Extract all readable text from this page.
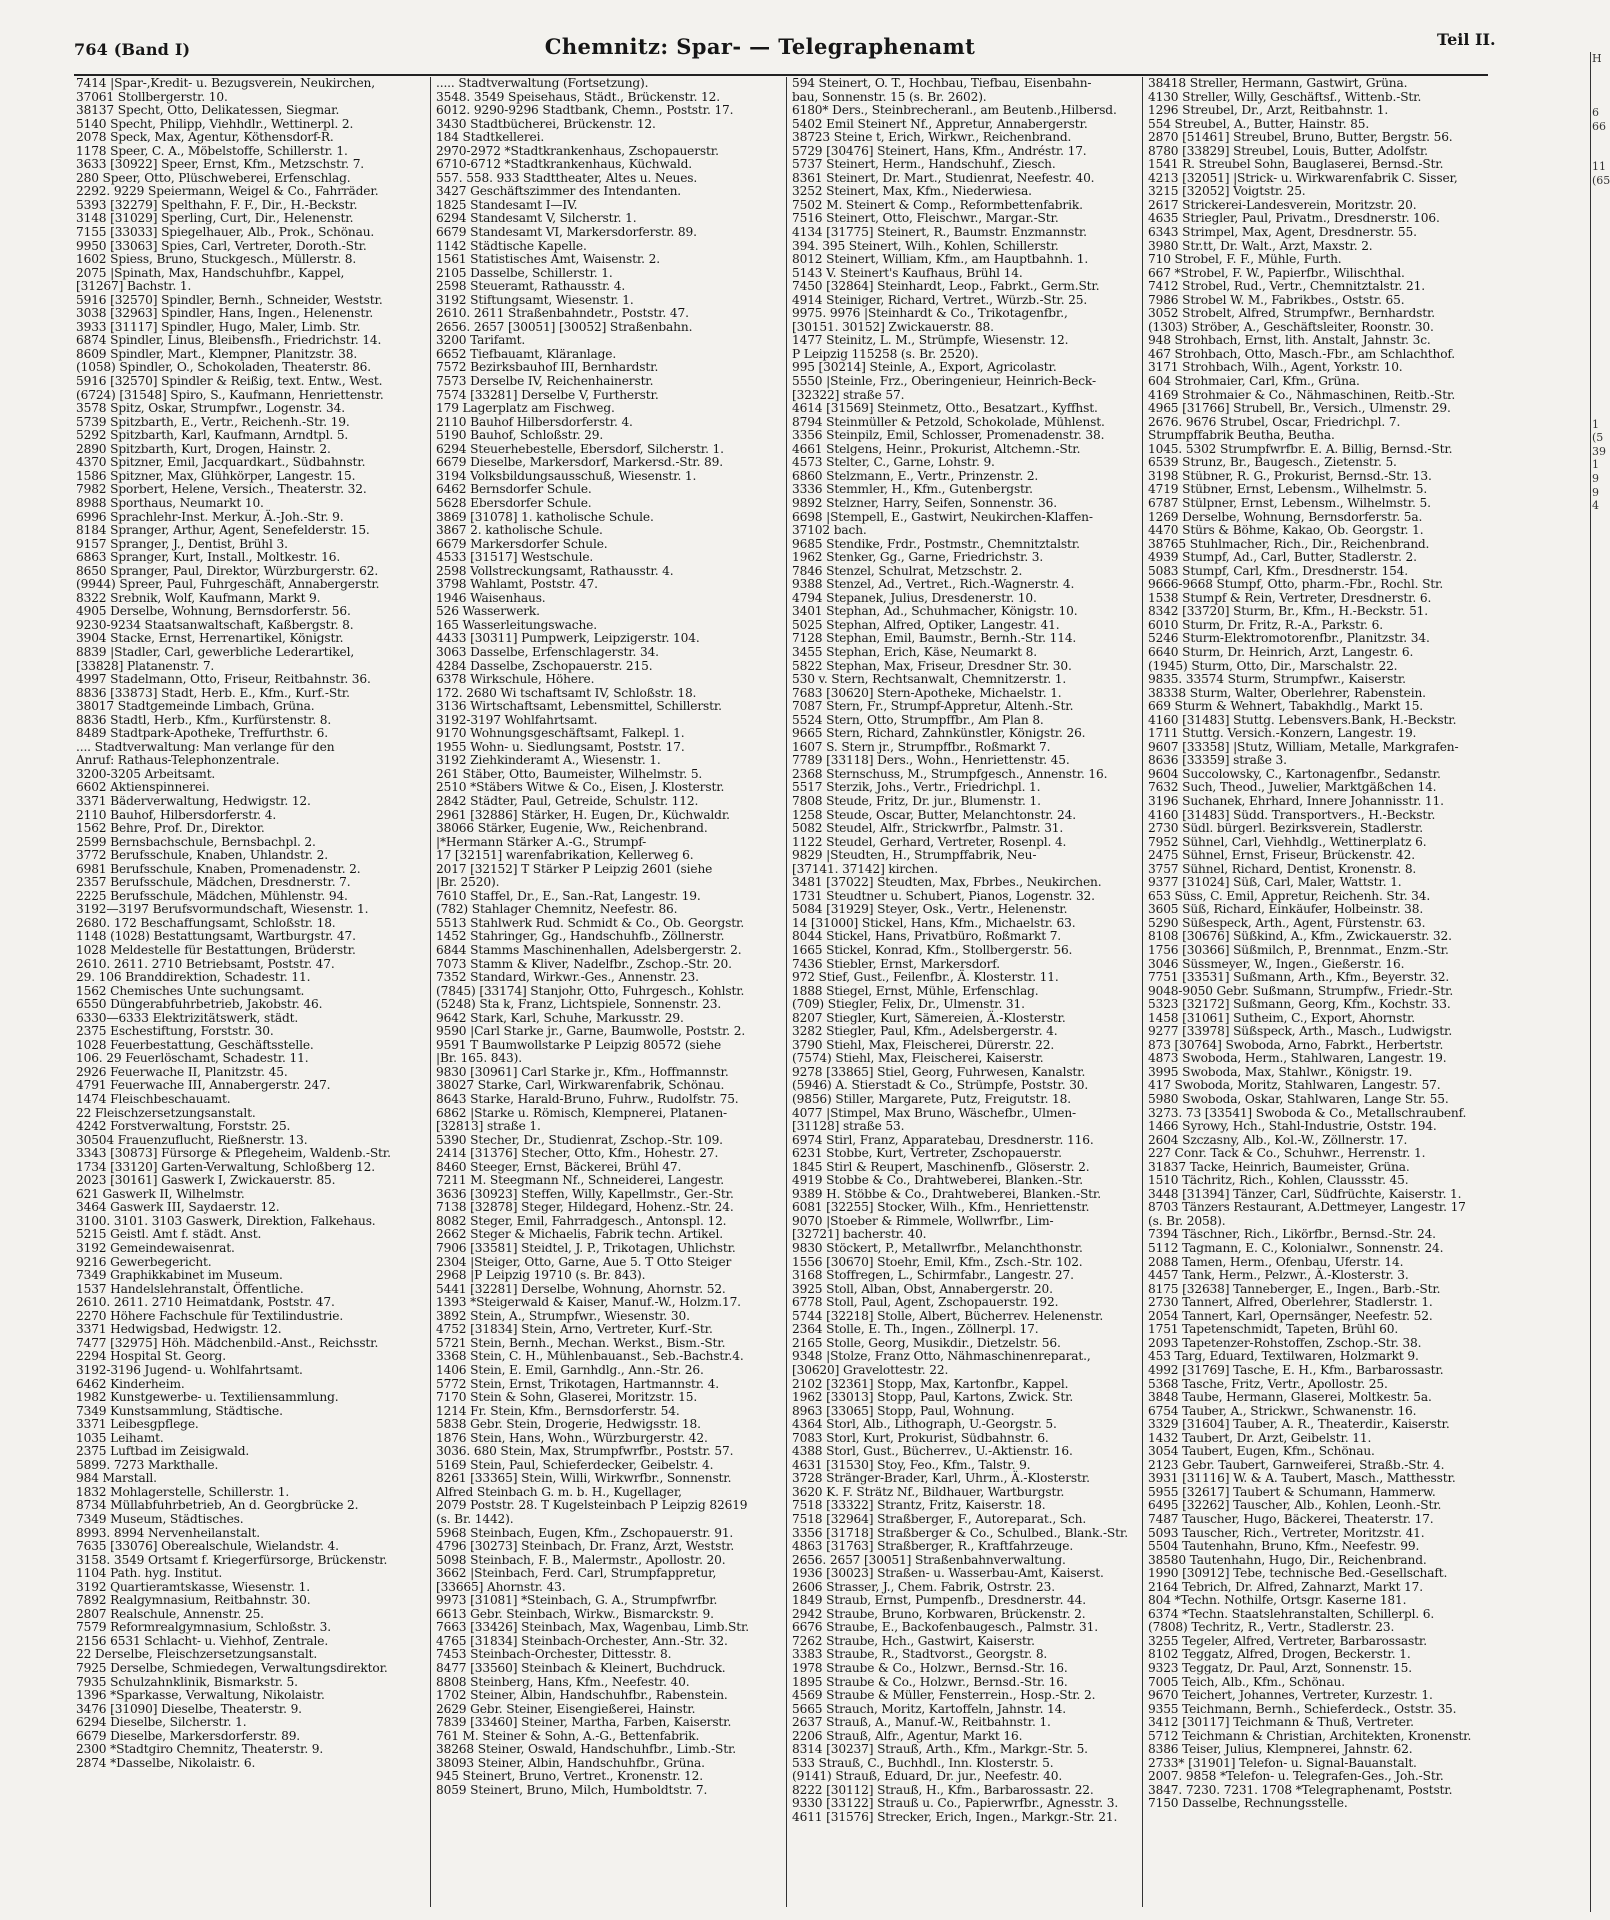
764 (Band I)	Chemnitz: Spar- — Telegraphenamt	Teil II.
7414 |Spar-,Kredit- u. Bezugsverein, Neukirchen,
37061 Stollbergerstr. 10.
38137 Specht, Otto, Delikatessen, Siegmar.
5140 Specht, Philipp, Viehhdlr., Wettinerpl. 2.
2078 Speck, Max, Agentur, Köthensdorf-R.
1178 Speer, C. A., Möbelstoffe, Schillerstr. 1.
3633 [30922] Speer, Ernst, Kfm., Metzschstr. 7.
280 Speer, Otto, Plüschweberei, Erfenschlag.
2292. 9229 Speiermann, Weigel & Co., Fahrräder.
5393 [32279] Spelthahn, F. F., Dir., H.-Beckstr.
3148 [31029] Sperling, Curt, Dir., Helenenstr.
7155 [33033] Spiegelhauer, Alb., Prok., Schönau.
9950 [33063] Spies, Carl, Vertreter, Doroth.-Str.
1602 Spiess, Bruno, Stuckgesch., Müllerstr. 8.
2075 |Spinath, Max, Handschuhfbr., Kappel,
[31267] Bachstr. 1.
5916 [32570] Spindler, Bernh., Schneider, Weststr.
3038 [32963] Spindler, Hans, Ingen., Helenenstr.
3933 [31117] Spindler, Hugo, Maler, Limb. Str.
6874 Spindler, Linus, Bleibensfh., Friedrichstr. 14.
8609 Spindler, Mart., Klempner, Planitzstr. 38.
(1058) Spindler, O., Schokoladen, Theaterstr. 86.
5916 [32570] Spindler & Reißig, text. Entw., West.
(6724) [31548] Spiro, S., Kaufmann, Henriettenstr.
3578 Spitz, Oskar, Strumpfwr., Logenstr. 34.
5739 Spitzbarth, E., Vertr., Reichenh.-Str. 19.
5292 Spitzbarth, Karl, Kaufmann, Arndtpl. 5.
2890 Spitzbarth, Kurt, Drogen, Hainstr. 2.
4370 Spitzner, Emil, Jacquardkart., Südbahnstr.
1586 Spitzner, Max, Glühkörper, Langestr. 15.
7982 Sporbert, Helene, Versich., Theaterstr. 32.
8988 Sporthaus, Neumarkt 10.
6996 Sprachlehr-Inst. Merkur, Ä.-Joh.-Str. 9.
8184 Spranger, Arthur, Agent, Senefelderstr. 15.
9157 Spranger, J., Dentist, Brühl 3.
6863 Spranger, Kurt, Install., Moltkestr. 16.
8650 Spranger, Paul, Direktor, Würzburgerstr. 62.
(9944) Spreer, Paul, Fuhrgeschäft, Annabergerstr.
8322 Srebnik, Wolf, Kaufmann, Markt 9.
4905 Derselbe, Wohnung, Bernsdorferstr. 56.
9230-9234 Staatsanwaltschaft, Kaßbergstr. 8.
3904 Stacke, Ernst, Herrenartikel, Königstr.
8839 |Stadler, Carl, gewerbliche Lederartikel,
[33828] Platanenstr. 7.
4997 Stadelmann, Otto, Friseur, Reitbahnstr. 36.
8836 [33873] Stadt, Herb. E., Kfm., Kurf.-Str.
38017 Stadtgemeinde Limbach, Grüna.
8836 Stadtl, Herb., Kfm., Kurfürstenstr. 8.
8489 Stadtpark-Apotheke, Treffurthstr. 6.
.... Stadtverwaltung: Man verlange für den
Anruf: Rathaus-Telephonzentrale.
3200-3205 Arbeitsamt.
6602 Aktienspinnerei.
3371 Bäderverwaltung, Hedwigstr. 12.
2110 Bauhof, Hilbersdorferstr. 4.
1562 Behre, Prof. Dr., Direktor.
2599 Bernsbachschule, Bernsbachpl. 2.
3772 Berufsschule, Knaben, Uhlandstr. 2.
6981 Berufsschule, Knaben, Promenadenstr. 2.
2357 Berufsschule, Mädchen, Dresdnerstr. 7.
2225 Berufsschule, Mädchen, Mühlenstr. 94.
3192—3197 Berufsvormundschaft, Wiesenstr. 1.
2680. 172 Beschaffungsamt, Schloßstr. 18.
1148 (1028) Bestattungsamt, Wartburgstr. 47.
1028 Meldestelle für Bestattungen, Brüderstr.
2610. 2611. 2710 Betriebsamt, Poststr. 47.
29. 106 Branddirektion, Schadestr. 11.
1562 Chemisches Unte suchungsamt.
6550 Düngerabfuhrbetrieb, Jakobstr. 46.
6330—6333 Elektrizitätswerk, städt.
2375 Eschestiftung, Forststr. 30.
1028 Feuerbestattung, Geschäftsstelle.
106. 29 Feuerlöschamt, Schadestr. 11.
2926 Feuerwache II, Planitzstr. 45.
4791 Feuerwache III, Annabergerstr. 247.
1474 Fleischbeschauamt.
22 Fleischzersetzungsanstalt.
4242 Forstverwaltung, Forststr. 25.
30504 Frauenzuflucht, Rießnerstr. 13.
3343 [30873] Fürsorge & Pflegeheim, Waldenb.-Str.
1734 [33120] Garten-Verwaltung, Schloßberg 12.
2023 [30161] Gaswerk I, Zwickauerstr. 85.
621 Gaswerk II, Wilhelmstr.
3464 Gaswerk III, Saydaerstr. 12.
3100. 3101. 3103 Gaswerk, Direktion, Falkehaus.
5215 Geistl. Amt f. städt. Anst.
3192 Gemeindewaisenrat.
9216 Gewerbegericht.
7349 Graphikkabinet im Museum.
1537 Handelslehranstalt, Öffentliche.
2610. 2611. 2710 Heimatdank, Poststr. 47.
2270 Höhere Fachschule für Textilindustrie.
3371 Hedwigsbad, Hedwigstr. 12.
7477 [32975] Höh. Mädchenbild.-Anst., Reichsstr.
2294 Hospital St. Georg.
3192-3196 Jugend- u. Wohlfahrtsamt.
6462 Kinderheim.
1982 Kunstgewerbe- u. Textiliensammlung.
7349 Kunstsammlung, Städtische.
3371 Leibesgpflege.
1035 Leihamt.
2375 Luftbad im Zeisigwald.
5899. 7273 Markthalle.
984 Marstall.
1832 Mohlagerstelle, Schillerstr. 1.
8734 Müllabfuhrbetrieb, An d. Georgbrücke 2.
7349 Museum, Städtisches.
8993. 8994 Nervenheilanstalt.
7635 [33076] Oberealschule, Wielandstr. 4.
3158. 3549 Ortsamt f. Kriegerfürsorge, Brückenstr.
1104 Path. hyg. Institut.
3192 Quartieramtskasse, Wiesenstr. 1.
7892 Realgymnasium, Reitbahnstr. 30.
2807 Realschule, Annenstr. 25.
7579 Reformrealgymnasium, Schloßstr. 3.
2156 6531 Schlacht- u. Viehhof, Zentrale.
22 Derselbe, Fleischzersetzungsanstalt.
7925 Derselbe, Schmiedegen, Verwaltungsdirektor.
7935 Schulzahnklinik, Bismarkstr. 5.
1396 *Sparkasse, Verwaltung, Nikolaistr.
3476 [31090] Dieselbe, Theaterstr. 9.
6294 Dieselbe, Silcherstr. 1.
6679 Dieselbe, Markersdorferstr. 89.
2300 *Stadtgiro Chemnitz, Theaterstr. 9.
2874 *Dasselbe, Nikolaistr. 6.
..... Stadtverwaltung (Fortsetzung).
3548. 3549 Speisehaus, Städt., Brückenstr. 12.
6012. 9290-9296 Stadtbank, Chemn., Poststr. 17.
3430 Stadtbücherei, Brückenstr. 12.
184 Stadtkellerei.
2970-2972 *Stadtkrankenhaus, Zschopauerstr.
6710-6712 *Stadtkrankenhaus, Küchwald.
557. 558. 933 Stadttheater, Altes u. Neues.
3427 Geschäftszimmer des Intendanten.
1825 Standesamt I—IV.
6294 Standesamt V, Silcherstr. 1.
6679 Standesamt VI, Markersdorferstr. 89.
1142 Städtische Kapelle.
1561 Statistisches Amt, Waisenstr. 2.
2105 Dasselbe, Schillerstr. 1.
2598 Steueramt, Rathausstr. 4.
3192 Stiftungsamt, Wiesenstr. 1.
2610. 2611 Straßenbahndetr., Poststr. 47.
2656. 2657 [30051] [30052] Straßenbahn.
3200 Tarifamt.
6652 Tiefbauamt, Kläranlage.
7572 Bezirksbauhof III, Bernhardstr.
7573 Derselbe IV, Reichenhainerstr.
7574 [33281] Derselbe V, Furtherstr.
179 Lagerplatz am Fischweg.
2110 Bauhof Hilbersdorferstr. 4.
5190 Bauhof, Schloßstr. 29.
6294 Steuerhebestelle, Ebersdorf, Silcherstr. 1.
6679 Dieselbe, Markersdorf, Markersd.-Str. 89.
3194 Volksbildungsausschuß, Wiesenstr. 1.
6462 Bernsdorfer Schule.
5628 Ebersdorfer Schule.
3869 [31078] 1. katholische Schule.
3867 2. katholische Schule.
6679 Markersdorfer Schule.
4533 [31517] Westschule.
2598 Vollstreckungsamt, Rathausstr. 4.
3798 Wahlamt, Poststr. 47.
1946 Waisenhaus.
526 Wasserwerk.
165 Wasserleitungswache.
4433 [30311] Pumpwerk, Leipzigerstr. 104.
3063 Dasselbe, Erfenschlagerstr. 34.
4284 Dasselbe, Zschopauerstr. 215.
6378 Wirkschule, Höhere.
172. 2680 Wi tschaftsamt IV, Schloßstr. 18.
3136 Wirtschaftsamt, Lebensmittel, Schillerstr.
3192-3197 Wohlfahrtsamt.
9170 Wohnungsgeschäftsamt, Falkepl. 1.
1955 Wohn- u. Siedlungsamt, Poststr. 17.
3192 Ziehkinderamt A., Wiesenstr. 1.
261 Stäber, Otto, Baumeister, Wilhelmstr. 5.
2510 *Stäbers Witwe & Co., Eisen, J. Klosterstr.
2842 Städter, Paul, Getreide, Schulstr. 112.
2961 [32886] Stärker, H. Eugen, Dr., Küchwaldr.
38066 Stärker, Eugenie, Ww., Reichenbrand.
|*Hermann Stärker A.-G., Strumpf-
17 [32151] warenfabrikation, Kellerweg 6.
2017 [32152] T Stärker P Leipzig 2601 (siehe
|Br. 2520).
7610 Staffel, Dr., E., San.-Rat, Langestr. 19.
(782) Stahlager Chemnitz, Neefestr. 86.
5513 Stahlwerk Rud. Schmidt & Co., Ob. Georgstr.
1452 Stahringer, Gg., Handschuhfb., Zöllnerstr.
6844 Stamms Maschinenhallen, Adelsbergerstr. 2.
7073 Stamm & Kliver, Nadelfbr., Zschop.-Str. 20.
7352 Standard, Wirkwr.-Ges., Annenstr. 23.
(7845) [33174] Stanjohr, Otto, Fuhrgesch., Kohlstr.
(5248) Sta k, Franz, Lichtspiele, Sonnenstr. 23.
9642 Stark, Karl, Schuhe, Markusstr. 29.
9590 |Carl Starke jr., Garne, Baumwolle, Poststr. 2.
9591 T Baumwollstarke P Leipzig 80572 (siehe
|Br. 165. 843).
9830 [30961] Carl Starke jr., Kfm., Hoffmannstr.
38027 Starke, Carl, Wirkwarenfabrik, Schönau.
8643 Starke, Harald-Bruno, Fuhrw., Rudolfstr. 75.
6862 |Starke u. Römisch, Klempnerei, Platanen-
[32813] straße 1.
5390 Stecher, Dr., Studienrat, Zschop.-Str. 109.
2414 [31376] Stecher, Otto, Kfm., Hohestr. 27.
8460 Steeger, Ernst, Bäckerei, Brühl 47.
7211 M. Steegmann Nf., Schneiderei, Langestr.
3636 [30923] Steffen, Willy, Kapellmstr., Ger.-Str.
7138 [32878] Steger, Hildegard, Hohenz.-Str. 24.
8082 Steger, Emil, Fahrradgesch., Antonspl. 12.
2662 Steger & Michaelis, Fabrik techn. Artikel.
7906 [33581] Steidtel, J. P., Trikotagen, Uhlichstr.
2304 |Steiger, Otto, Garne, Aue 5. T Otto Steiger
2968 |P Leipzig 19710 (s. Br. 843).
5441 [32281] Derselbe, Wohnung, Ahornstr. 52.
1393 *Steigerwald & Kaiser, Manuf.-W., Holzm.17.
3892 Stein, A., Strumpfwr., Wiesenstr. 30.
4752 [31834] Stein, Arno, Vertreter, Kurf.-Str.
5721 Stein, Bernh., Mechan. Werkst., Bism.-Str.
3368 Stein, C. H., Mühlenbauanst., Seb.-Bachstr.4.
1406 Stein, E. Emil, Garnhdlg., Ann.-Str. 26.
5772 Stein, Ernst, Trikotagen, Hartmannstr. 4.
7170 Stein & Sohn, Glaserei, Moritzstr. 15.
1214 Fr. Stein, Kfm., Bernsdorferstr. 54.
5838 Gebr. Stein, Drogerie, Hedwigsstr. 18.
1876 Stein, Hans, Wohn., Würzburgerstr. 42.
3036. 680 Stein, Max, Strumpfwrfbr., Poststr. 57.
5169 Stein, Paul, Schieferdecker, Geibelstr. 4.
8261 [33365] Stein, Willi, Wirkwrfbr., Sonnenstr.
Alfred Steinbach G. m. b. H., Kugellager,
2079 Poststr. 28. T Kugelsteinbach P Leipzig 82619
(s. Br. 1442).
5968 Steinbach, Eugen, Kfm., Zschopauerstr. 91.
4796 [30273] Steinbach, Dr. Franz, Arzt, Weststr.
5098 Steinbach, F. B., Malermstr., Apollostr. 20.
3662 |Steinbach, Ferd. Carl, Strumpfappretur,
[33665] Ahornstr. 43.
9973 [31081] *Steinbach, G. A., Strumpfwrfbr.
6613 Gebr. Steinbach, Wirkw., Bismarckstr. 9.
7663 [33426] Steinbach, Max, Wagenbau, Limb.Str.
4765 [31834] Steinbach-Orchester, Ann.-Str. 32.
7453 Steinbach-Orchester, Dittesstr. 8.
8477 [33560] Steinbach & Kleinert, Buchdruck.
8808 Steinberg, Hans, Kfm., Neefestr. 40.
1702 Steiner, Albin, Handschuhfbr., Rabenstein.
2629 Gebr. Steiner, Eisengießerei, Hainstr.
7839 [33460] Steiner, Martha, Farben, Kaiserstr.
761 M. Steiner & Sohn, A.-G., Bettenfabrik.
38268 Steiner, Oswald, Handschuhfbr., Limb.-Str.
38093 Steiner, Albin, Handschuhfbr., Grüna.
945 Steinert, Bruno, Vertret., Kronenstr. 12.
8059 Steinert, Bruno, Milch, Humboldtstr. 7.
594 Steinert, O. T., Hochbau, Tiefbau, Eisenbahn-
bau, Sonnenstr. 15 (s. Br. 2602).
6180* Ders., Steinbrecheranl., am Beutenb.,Hilbersd.
5402 Emil Steinert Nf., Appretur, Annabergerstr.
38723 Steine t, Erich, Wirkwr., Reichenbrand.
5729 [30476] Steinert, Hans, Kfm., Andréstr. 17.
5737 Steinert, Herm., Handschuhf., Ziesch.
8361 Steinert, Dr. Mart., Studienrat, Neefestr. 40.
3252 Steinert, Max, Kfm., Niederwiesa.
7502 M. Steinert & Comp., Reformbettenfabrik.
7516 Steinert, Otto, Fleischwr., Margar.-Str.
4134 [31775] Steinert, R., Baumstr. Enzmannstr.
394. 395 Steinert, Wilh., Kohlen, Schillerstr.
8012 Steinert, William, Kfm., am Hauptbahnh. 1.
5143 V. Steinert's Kaufhaus, Brühl 14.
7450 [32864] Steinhardt, Leop., Fabrkt., Germ.Str.
4914 Steiniger, Richard, Vertret., Würzb.-Str. 25.
9975. 9976 |Steinhardt & Co., Trikotagenfbr.,
[30151. 30152] Zwickauerstr. 88.
1477 Steinitz, L. M., Strümpfe, Wiesenstr. 12.
P Leipzig 115258 (s. Br. 2520).
995 [30214] Steinle, A., Export, Agricolastr.
5550 |Steinle, Frz., Oberingenieur, Heinrich-Beck-
[32322] straße 57.
4614 [31569] Steinmetz, Otto., Besatzart., Kyffhst.
8794 Steinmüller & Petzold, Schokolade, Mühlenst.
3356 Steinpilz, Emil, Schlosser, Promenadenstr. 38.
4661 Stelgens, Heinr., Prokurist, Altchemn.-Str.
4573 Stelter, C., Garne, Lohstr. 9.
6860 Stelzmann, E., Vertr., Prinzenstr. 2.
3336 Stemmler, H., Kfm., Gutenbergstr.
9892 Stelzner, Harry, Seifen, Sonnenstr. 36.
6698 |Stempell, E., Gastwirt, Neukirchen-Klaffen-
37102 bach.
9685 Stendike, Frdr., Postmstr., Chemnitztalstr.
1962 Stenker, Gg., Garne, Friedrichstr. 3.
7846 Stenzel, Schulrat, Metzschstr. 2.
9388 Stenzel, Ad., Vertret., Rich.-Wagnerstr. 4.
4794 Stepanek, Julius, Dresdenerstr. 10.
3401 Stephan, Ad., Schuhmacher, Königstr. 10.
5025 Stephan, Alfred, Optiker, Langestr. 41.
7128 Stephan, Emil, Baumstr., Bernh.-Str. 114.
3455 Stephan, Erich, Käse, Neumarkt 8.
5822 Stephan, Max, Friseur, Dresdner Str. 30.
530 v. Stern, Rechtsanwalt, Chemnitzerstr. 1.
7683 [30620] Stern-Apotheke, Michaelstr. 1.
7087 Stern, Fr., Strumpf-Appretur, Altenh.-Str.
5524 Stern, Otto, Strumpffbr., Am Plan 8.
9665 Stern, Richard, Zahnkünstler, Königstr. 26.
1607 S. Stern jr., Strumpffbr., Roßmarkt 7.
7789 [33118] Ders., Wohn., Henriettenstr. 45.
2368 Sternschuss, M., Strumpfgesch., Annenstr. 16.
5517 Sterzik, Johs., Vertr., Friedrichpl. 1.
7808 Steude, Fritz, Dr. jur., Blumenstr. 1.
1258 Steude, Oscar, Butter, Melanchtonstr. 24.
5082 Steudel, Alfr., Strickwrfbr., Palmstr. 31.
1122 Steudel, Gerhard, Vertreter, Rosenpl. 4.
9829 |Steudten, H., Strumpffabrik, Neu-
[37141. 37142] kirchen.
3481 [37022] Steudten, Max, Fbrbes., Neukirchen.
1731 Steudtner u. Schubert, Pianos, Logenstr. 32.
5084 [31929] Steyer, Osk., Vertr., Helenenstr.
14 [31000] Stickel, Hans, Kfm., Michaelstr. 63.
8044 Stickel, Hans, Privatbüro, Roßmarkt 7.
1665 Stickel, Konrad, Kfm., Stollbergerstr. 56.
7436 Stiebler, Ernst, Markersdorf.
972 Stief, Gust., Feilenfbr., Ä. Klosterstr. 11.
1888 Stiegel, Ernst, Mühle, Erfenschlag.
(709) Stiegler, Felix, Dr., Ulmenstr. 31.
8207 Stiegler, Kurt, Sämereien, Ä.-Klosterstr.
3282 Stiegler, Paul, Kfm., Adelsbergerstr. 4.
3790 Stiehl, Max, Fleischerei, Dürerstr. 22.
(7574) Stiehl, Max, Fleischerei, Kaiserstr.
9278 [33865] Stiel, Georg, Fuhrwesen, Kanalstr.
(5946) A. Stierstadt & Co., Strümpfe, Poststr. 30.
(9856) Stiller, Margarete, Putz, Freigutstr. 18.
4077 |Stimpel, Max Bruno, Wäschefbr., Ulmen-
[31128] straße 53.
6974 Stirl, Franz, Apparatebau, Dresdnerstr. 116.
6231 Stobbe, Kurt, Vertreter, Zschopauerstr.
1845 Stirl & Reupert, Maschinenfb., Glöserstr. 2.
4919 Stobbe & Co., Drahtweberei, Blanken.-Str.
9389 H. Stöbbe & Co., Drahtweberei, Blanken.-Str.
6081 [32255] Stocker, Wilh., Kfm., Henriettenstr.
9070 |Stoeber & Rimmele, Wollwrfbr., Lim-
[32721] bacherstr. 40.
9830 Stöckert, P., Metallwrfbr., Melanchthonstr.
1556 [30670] Stoehr, Emil, Kfm., Zsch.-Str. 102.
3168 Stoffregen, L., Schirmfabr., Langestr. 27.
3925 Stoll, Alban, Obst, Annabergerstr. 20.
6778 Stoll, Paul, Agent, Zschopauerstr. 192.
5744 [32218] Stolle, Albert, Bücherrev. Helenenstr.
2364 Stolle, E. Th., Ingen., Zöllnerpl. 17.
2165 Stolle, Georg, Musikdir., Dietzelstr. 56.
9348 |Stolze, Franz Otto, Nähmaschinenreparat.,
[30620] Gravelottestr. 22.
2102 [32361] Stopp, Max, Kartonfbr., Kappel.
1962 [33013] Stopp, Paul, Kartons, Zwick. Str.
8963 [33065] Stopp, Paul, Wohnung.
4364 Storl, Alb., Lithograph, U.-Georgstr. 5.
7083 Storl, Kurt, Prokurist, Südbahnstr. 6.
4388 Storl, Gust., Bücherrev., U.-Aktienstr. 16.
4631 [31530] Stoy, Feo., Kfm., Talstr. 9.
3728 Stränger-Brader, Karl, Uhrm., Ä.-Klosterstr.
3620 K. F. Strätz Nf., Bildhauer, Wartburgstr.
7518 [33322] Strantz, Fritz, Kaiserstr. 18.
7518 [32964] Straßberger, F., Autoreparat., Sch.
3356 [31718] Straßberger & Co., Schulbed., Blank.-Str.
4863 [31763] Straßberger, R., Kraftfahrzeuge.
2656. 2657 [30051] Straßenbahnverwaltung.
1936 [30023] Straßen- u. Wasserbau-Amt, Kaiserst.
2606 Strasser, J., Chem. Fabrik, Ostrstr. 23.
1849 Straub, Ernst, Pumpenfb., Dresdnerstr. 44.
2942 Straube, Bruno, Korbwaren, Brückenstr. 2.
6676 Straube, E., Backofenbaugesch., Palmstr. 31.
7262 Straube, Hch., Gastwirt, Kaiserstr.
3383 Straube, R., Stadtvorst., Georgstr. 8.
1978 Straube & Co., Holzwr., Bernsd.-Str. 16.
1895 Straube & Co., Holzwr., Bernsd.-Str. 16.
4569 Straube & Müller, Fensterrein., Hosp.-Str. 2.
5665 Strauch, Moritz, Kartoffeln, Jahnstr. 14.
2637 Strauß, A., Manuf.-W., Reitbahnstr. 1.
2206 Strauß, Alfr., Agentur, Markt 16.
8314 [30237] Strauß, Arth., Kfm., Markgr.-Str. 5.
533 Strauß, C., Buchhdl., Inn. Klosterstr. 5.
(9141) Strauß, Eduard, Dr. jur., Neefestr. 40.
8222 [30112] Strauß, H., Kfm., Barbarossastr. 22.
9330 [33122] Strauß u. Co., Papierwrfbr., Agnesstr. 3.
4611 [31576] Strecker, Erich, Ingen., Markgr.-Str. 21.
38418 Streller, Hermann, Gastwirt, Grüna.
4130 Streller, Willy, Geschäftsf., Wittenb.-Str.
1296 Streubel, Dr., Arzt, Reitbahnstr. 1.
554 Streubel, A., Butter, Hainstr. 85.
2870 [51461] Streubel, Bruno, Butter, Bergstr. 56.
8780 [33829] Streubel, Louis, Butter, Adolfstr.
1541 R. Streubel Sohn, Bauglaserei, Bernsd.-Str.
4213 [32051] |Strick- u. Wirkwarenfabrik C. Sisser,
3215 [32052] Voigtstr. 25.
2617 Strickerei-Landesverein, Moritzstr. 20.
4635 Striegler, Paul, Privatm., Dresdnerstr. 106.
6343 Strimpel, Max, Agent, Dresdnerstr. 55.
3980 Str.tt, Dr. Walt., Arzt, Maxstr. 2.
710 Strobel, F. F., Mühle, Furth.
667 *Strobel, F. W., Papierfbr., Wilischthal.
7412 Strobel, Rud., Vertr., Chemnitztalstr. 21.
7986 Strobel W. M., Fabrikbes., Oststr. 65.
3052 Strobelt, Alfred, Strumpfwr., Bernhardstr.
(1303) Ströber, A., Geschäftsleiter, Roonstr. 30.
948 Strohbach, Ernst, lith. Anstalt, Jahnstr. 3c.
467 Strohbach, Otto, Masch.-Fbr., am Schlachthof.
3171 Strohbach, Wilh., Agent, Yorkstr. 10.
604 Strohmaier, Carl, Kfm., Grüna.
4169 Strohmaier & Co., Nähmaschinen, Reitb.-Str.
4965 [31766] Strubell, Br., Versich., Ulmenstr. 29.
2676. 9676 Strubel, Oscar, Friedrichpl. 7.
Strumpffabrik Beutha, Beutha.
1045. 5302 Strumpfwrfbr. E. A. Billig, Bernsd.-Str.
6539 Strunz, Br., Baugesch., Zietenstr. 5.
3198 Stübner, R. G., Prokurist, Bernsd.-Str. 13.
4719 Stübner, Ernst, Lebensm., Wilhelmstr. 5.
6787 Stülpner, Ernst, Lebensm., Wilhelmstr. 5.
1269 Derselbe, Wohnung, Bernsdorferstr. 5a.
4470 Stürs & Böhme, Kakao, Ob. Georgstr. 1.
38765 Stuhlmacher, Rich., Dir., Reichenbrand.
4939 Stumpf, Ad., Carl, Butter, Stadlerstr. 2.
5083 Stumpf, Carl, Kfm., Dresdnerstr. 154.
9666-9668 Stumpf, Otto, pharm.-Fbr., Rochl. Str.
1538 Stumpf & Rein, Vertreter, Dresdnerstr. 6.
8342 [33720] Sturm, Br., Kfm., H.-Beckstr. 51.
6010 Sturm, Dr. Fritz, R.-A., Parkstr. 6.
5246 Sturm-Elektromotorenfbr., Planitzstr. 34.
6640 Sturm, Dr. Heinrich, Arzt, Langestr. 6.
(1945) Sturm, Otto, Dir., Marschalstr. 22.
9835. 33574 Sturm, Strumpfwr., Kaiserstr.
38338 Sturm, Walter, Oberlehrer, Rabenstein.
669 Sturm & Wehnert, Tabakhdlg., Markt 15.
4160 [31483] Stuttg. Lebensvers.Bank, H.-Beckstr.
1711 Stuttg. Versich.-Konzern, Langestr. 19.
9607 [33358] |Stutz, William, Metalle, Markgrafen-
8636 [33359] straße 3.
9604 Succolowsky, C., Kartonagenfbr., Sedanstr.
7632 Such, Theod., Juwelier, Marktgäßchen 14.
3196 Suchanek, Ehrhard, Innere Johannisstr. 11.
4160 [31483] Südd. Transportvers., H.-Beckstr.
2730 Südl. bürgerl. Bezirksverein, Stadlerstr.
7952 Sühnel, Carl, Viehhdlg., Wettinerplatz 6.
2475 Sühnel, Ernst, Friseur, Brückenstr. 42.
3757 Sühnel, Richard, Dentist, Kronenstr. 8.
9377 [31024] Süß, Carl, Maler, Wattstr. 1.
653 Süss, C. Emil, Appretur, Reichenh. Str. 34.
3605 Süß, Richard, Einkäufer, Holbeinstr. 38.
5290 Süßespeck, Arth., Agent, Fürstenstr. 63.
8108 [30676] Süßkind, A., Kfm., Zwickauerstr. 32.
1756 [30366] Süßmilch, P., Brennmat., Enzm.-Str.
3046 Süssmeyer, W., Ingen., Gießerstr. 16.
7751 [33531] Sußmann, Arth., Kfm., Beyerstr. 32.
9048-9050 Gebr. Sußmann, Strumpfw., Friedr.-Str.
5323 [32172] Sußmann, Georg, Kfm., Kochstr. 33.
1458 [31061] Sutheim, C., Export, Ahornstr.
9277 [33978] Süßspeck, Arth., Masch., Ludwigstr.
873 [30764] Swoboda, Arno, Fabrkt., Herbertstr.
4873 Swoboda, Herm., Stahlwaren, Langestr. 19.
3995 Swoboda, Max, Stahlwr., Königstr. 19.
417 Swoboda, Moritz, Stahlwaren, Langestr. 57.
5980 Swoboda, Oskar, Stahlwaren, Lange Str. 55.
3273. 73 [33541] Swoboda & Co., Metallschraubenf.
1466 Syrowy, Hch., Stahl-Industrie, Oststr. 194.
2604 Szczasny, Alb., Kol.-W., Zöllnerstr. 17.
227 Conr. Tack & Co., Schuhwr., Herrenstr. 1.
31837 Tacke, Heinrich, Baumeister, Grüna.
1510 Tächritz, Rich., Kohlen, Claussstr. 45.
3448 [31394] Tänzer, Carl, Südfrüchte, Kaiserstr. 1.
8703 Tänzers Restaurant, A.Dettmeyer, Langestr. 17
(s. Br. 2058).
7394 Täschner, Rich., Likörfbr., Bernsd.-Str. 24.
5112 Tagmann, E. C., Kolonialwr., Sonnenstr. 24.
2088 Tamen, Herm., Ofenbau, Uferstr. 14.
4457 Tank, Herm., Pelzwr., Ä.-Klosterstr. 3.
8175 [32638] Tanneberger, E., Ingen., Barb.-Str.
2730 Tannert, Alfred, Oberlehrer, Stadlerstr. 1.
2054 Tannert, Karl, Opernsänger, Neefestr. 52.
1751 Tapetenschmidt, Tapeten, Brühl 60.
2093 Tapetenzer-Rohstoffen, Zschop.-Str. 38.
453 Targ, Eduard, Textilwaren, Holzmarkt 9.
4992 [31769] Tasche, E. H., Kfm., Barbarossastr.
5368 Tasche, Fritz, Vertr., Apollostr. 25.
3848 Taube, Hermann, Glaserei, Moltkestr. 5a.
6754 Tauber, A., Strickwr., Schwanenstr. 16.
3329 [31604] Tauber, A. R., Theaterdir., Kaiserstr.
1432 Taubert, Dr. Arzt, Geibelstr. 11.
3054 Taubert, Eugen, Kfm., Schönau.
2123 Gebr. Taubert, Garnweiferei, Straßb.-Str. 4.
3931 [31116] W. & A. Taubert, Masch., Matthesstr.
5955 [32617] Taubert & Schumann, Hammerw.
6495 [32262] Tauscher, Alb., Kohlen, Leonh.-Str.
7487 Tauscher, Hugo, Bäckerei, Theaterstr. 17.
5093 Tauscher, Rich., Vertreter, Moritzstr. 41.
5504 Tautenhahn, Bruno, Kfm., Neefestr. 99.
38580 Tautenhahn, Hugo, Dir., Reichenbrand.
1990 [30912] Tebe, technische Bed.-Gesellschaft.
2164 Tebrich, Dr. Alfred, Zahnarzt, Markt 17.
804 *Techn. Nothilfe, Ortsgr. Kaserne 181.
6374 *Techn. Staatslehranstalten, Schillerpl. 6.
(7808) Techritz, R., Vertr., Stadlerstr. 23.
3255 Tegeler, Alfred, Vertreter, Barbarossastr.
8102 Teggatz, Alfred, Drogen, Beckerstr. 1.
9323 Teggatz, Dr. Paul, Arzt, Sonnenstr. 15.
7005 Teich, Alb., Kfm., Schönau.
9670 Teichert, Johannes, Vertreter, Kurzestr. 1.
9355 Teichmann, Bernh., Schieferdeck., Oststr. 35.
3412 [30117] Teichmann & Thuß, Vertreter.
5712 Teichmann & Christian, Architekten, Kronenstr.
8386 Teiser, Julius, Klempnerei, Jahnstr. 62.
2733* [31901] Telefon- u. Signal-Bauanstalt.
2007. 9858 *Telefon- u. Telegrafen-Ges., Joh.-Str.
3847. 7230. 7231. 1708 *Telegraphenamt, Poststr.
7150 Dasselbe, Rechnungsstelle.
H
6
66
11
(65
1
(5
39
1
9
9
4
